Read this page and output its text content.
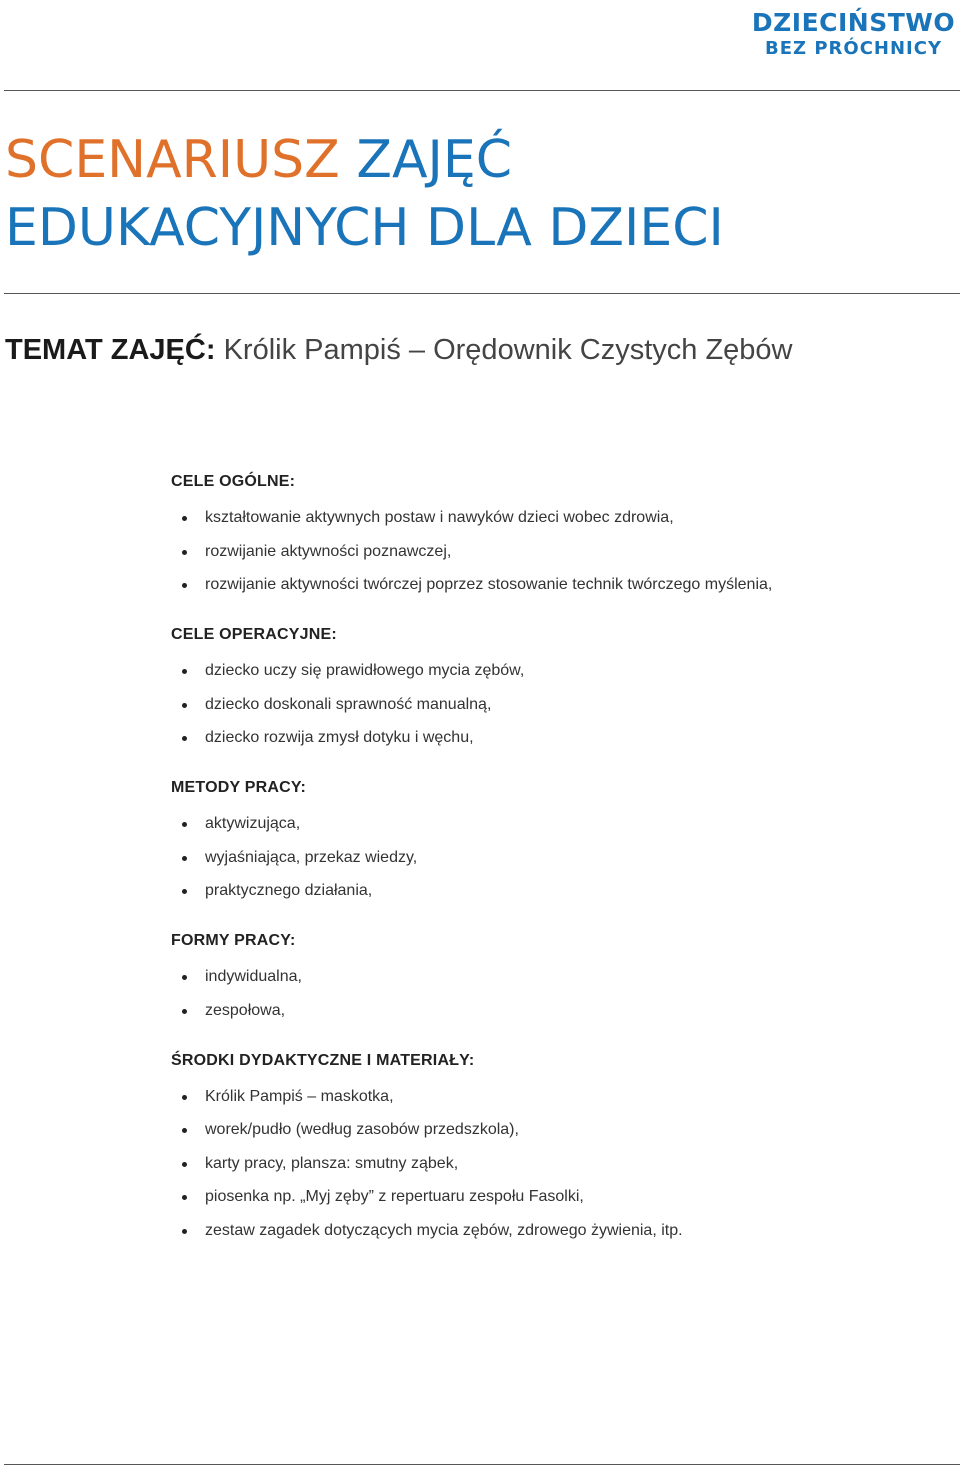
DZIECIŃSTWO
BEZ PRÓCHNICY
SCENARIUSZ ZAJĘĆ
EDUKACYJNYCH DLA DZIECI
TEMAT ZAJĘĆ: Królik Pampiś – Orędownik Czystych Zębów
CELE OGÓLNE:
kształtowanie aktywnych postaw i nawyków dzieci wobec zdrowia,
rozwijanie aktywności poznawczej,
rozwijanie aktywności twórczej poprzez stosowanie technik twórczego myślenia,
CELE OPERACYJNE:
dziecko uczy się prawidłowego mycia zębów,
dziecko doskonali sprawność manualną,
dziecko rozwija zmysł dotyku i węchu,
METODY PRACY:
aktywizująca,
wyjaśniająca, przekaz wiedzy,
praktycznego działania,
FORMY PRACY:
indywidualna,
zespołowa,
ŚRODKI DYDAKTYCZNE I MATERIAŁY:
Królik Pampiś – maskotka,
worek/pudło (według zasobów przedszkola),
karty pracy, plansza: smutny ząbek,
piosenka np. „Myj zęby” z repertuaru zespołu Fasolki,
zestaw zagadek dotyczących mycia zębów, zdrowego żywienia, itp.
